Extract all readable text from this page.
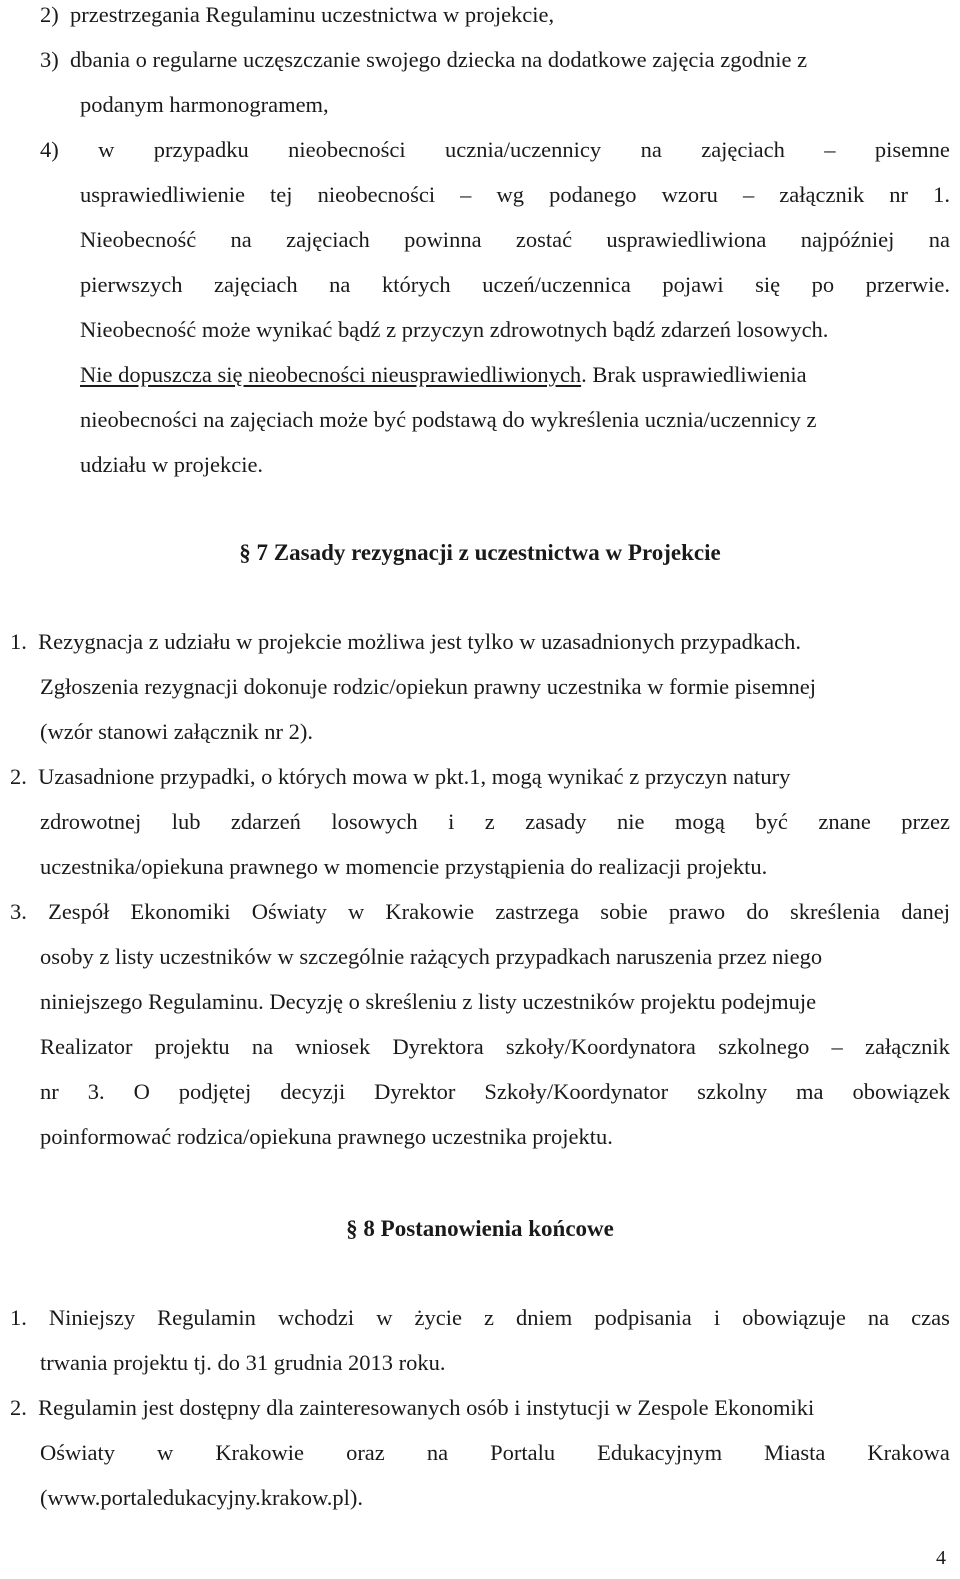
2)  przestrzegania Regulaminu uczestnictwa w projekcie,
3)  dbania o regularne uczęszczanie swojego dziecka na dodatkowe zajęcia zgodnie z
podanym harmonogramem,
4) w przypadku nieobecności ucznia/uczennicy na zajęciach – pisemne
usprawiedliwienie tej nieobecności – wg podanego wzoru – załącznik nr 1.
Nieobecność na zajęciach powinna zostać usprawiedliwiona najpóźniej na
pierwszych zajęciach na których uczeń/uczennica pojawi się po przerwie.
Nieobecność może wynikać bądź z przyczyn zdrowotnych bądź zdarzeń losowych.
Nie dopuszcza się nieobecności nieusprawiedliwionych. Brak usprawiedliwienia
nieobecności na zajęciach może być podstawą do wykreślenia ucznia/uczennicy z
udziału w projekcie.
§ 7 Zasady rezygnacji z uczestnictwa w Projekcie
1.  Rezygnacja z udziału w projekcie możliwa jest tylko w uzasadnionych przypadkach.
Zgłoszenia rezygnacji dokonuje rodzic/opiekun prawny uczestnika w formie pisemnej
(wzór stanowi załącznik nr 2).
2.  Uzasadnione przypadki, o których mowa w pkt.1, mogą wynikać z przyczyn natury
zdrowotnej lub zdarzeń losowych i z zasady nie mogą być znane przez
uczestnika/opiekuna prawnego w momencie przystąpienia do realizacji projektu.
3. Zespół Ekonomiki Oświaty w Krakowie zastrzega sobie prawo do skreślenia danej
osoby z listy uczestników w szczególnie rażących przypadkach naruszenia przez niego
niniejszego Regulaminu. Decyzję o skreśleniu z listy uczestników projektu podejmuje
Realizator projektu na wniosek Dyrektora szkoły/Koordynatora szkolnego – załącznik
nr 3. O podjętej decyzji Dyrektor Szkoły/Koordynator szkolny ma obowiązek
poinformować rodzica/opiekuna prawnego uczestnika projektu.
§ 8 Postanowienia końcowe
1. Niniejszy Regulamin wchodzi w życie z dniem podpisania i obowiązuje na czas
trwania projektu tj. do 31 grudnia 2013 roku.
2.  Regulamin jest dostępny dla zainteresowanych osób i instytucji w Zespole Ekonomiki
Oświaty w Krakowie oraz na Portalu Edukacyjnym Miasta Krakowa
(www.portaledukacyjny.krakow.pl).
4
